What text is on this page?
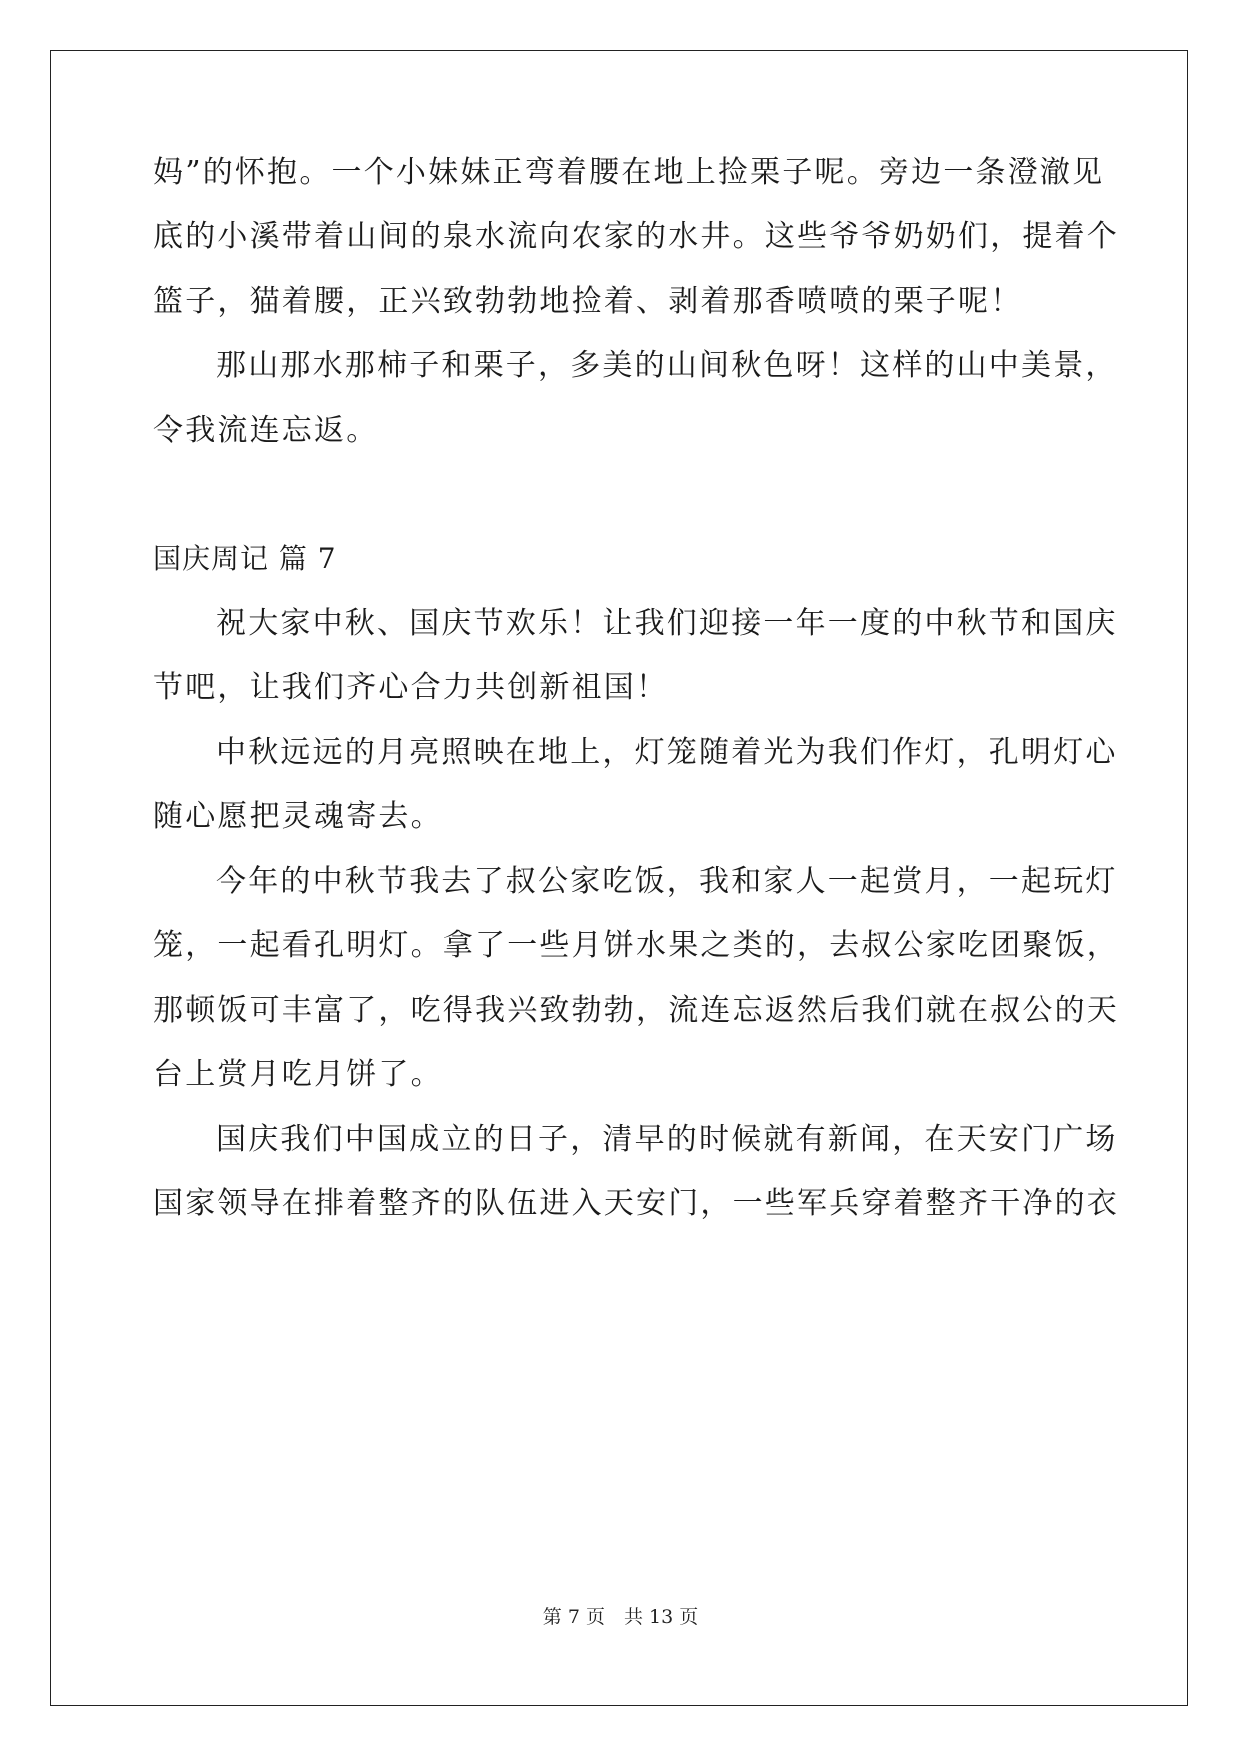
妈”的怀抱。一个小妹妹正弯着腰在地上捡栗子呢。旁边一条澄澈见
底的小溪带着山间的泉水流向农家的水井。这些爷爷奶奶们，提着个
篮子，猫着腰，正兴致勃勃地捡着、剥着那香喷喷的栗子呢！
那山那水那柿子和栗子，多美的山间秋色呀！这样的山中美景，
令我流连忘返。
国庆周记 篇 7
祝大家中秋、国庆节欢乐！让我们迎接一年一度的中秋节和国庆
节吧，让我们齐心合力共创新祖国！
中秋远远的月亮照映在地上，灯笼随着光为我们作灯，孔明灯心
随心愿把灵魂寄去。
今年的中秋节我去了叔公家吃饭，我和家人一起赏月，一起玩灯
笼，一起看孔明灯。拿了一些月饼水果之类的，去叔公家吃团聚饭，
那顿饭可丰富了，吃得我兴致勃勃，流连忘返然后我们就在叔公的天
台上赏月吃月饼了。
国庆我们中国成立的日子，清早的时候就有新闻，在天安门广场
国家领导在排着整齐的队伍进入天安门，一些军兵穿着整齐干净的衣
第 7 页　共 13 页
